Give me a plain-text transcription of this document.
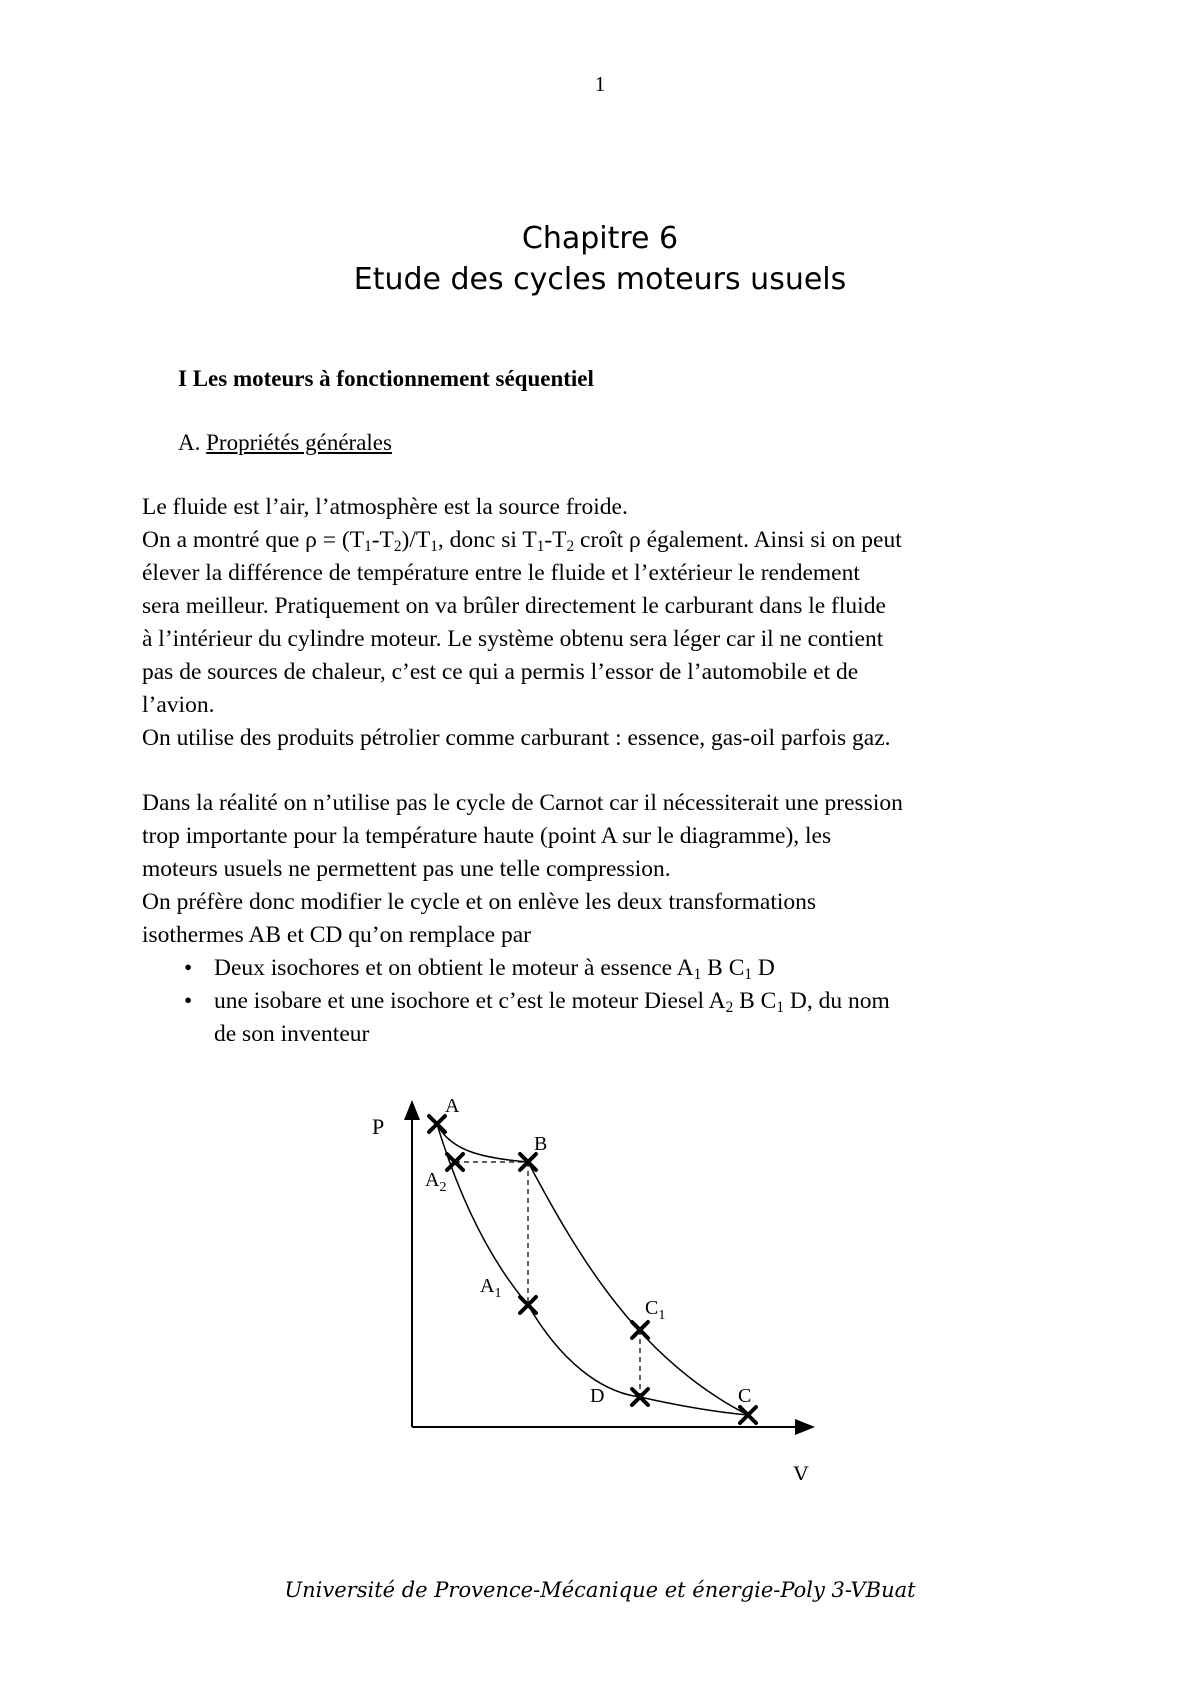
1
Chapitre 6
Etude des cycles moteurs usuels
I Les moteurs à fonctionnement séquentiel
A. Propriétés générales
Le fluide est l’air, l’atmosphère est la source froide.
On a montré que $\rho = (T_1-T_2)/T_1$, donc si $T_1-T_2$ croît ρ également. Ainsi si on peut
élever la différence de température entre le fluide et l’extérieur le rendement
sera meilleur. Pratiquement on va brûler directement le carburant dans le fluide
à l’intérieur du cylindre moteur. Le système obtenu sera léger car il ne contient
pas de sources de chaleur, c’est ce qui a permis l’essor de l’automobile et de
l’avion.
On utilise des produits pétrolier comme carburant : essence, gas-oil parfois gaz.
Dans la réalité on n’utilise pas le cycle de Carnot car il nécessiterait une pression
trop importante pour la température haute (point A sur le diagramme), les
moteurs usuels ne permettent pas une telle compression.
On préfère donc modifier le cycle et on enlève les deux transformations
isothermes AB et CD qu’on remplace par
• Deux isochores et on obtient le moteur à essence $A_1$ B $C_1$ D
• une isobare et une isochore et c’est le moteur Diesel $A_2$ B $C_1$ D, du nom
de son inventeur
P
V
A
$A_2$
B
$A_1$
$C_1$
D	C
Université de Provence-Mécanique et énergie-Poly 3-VBuat
